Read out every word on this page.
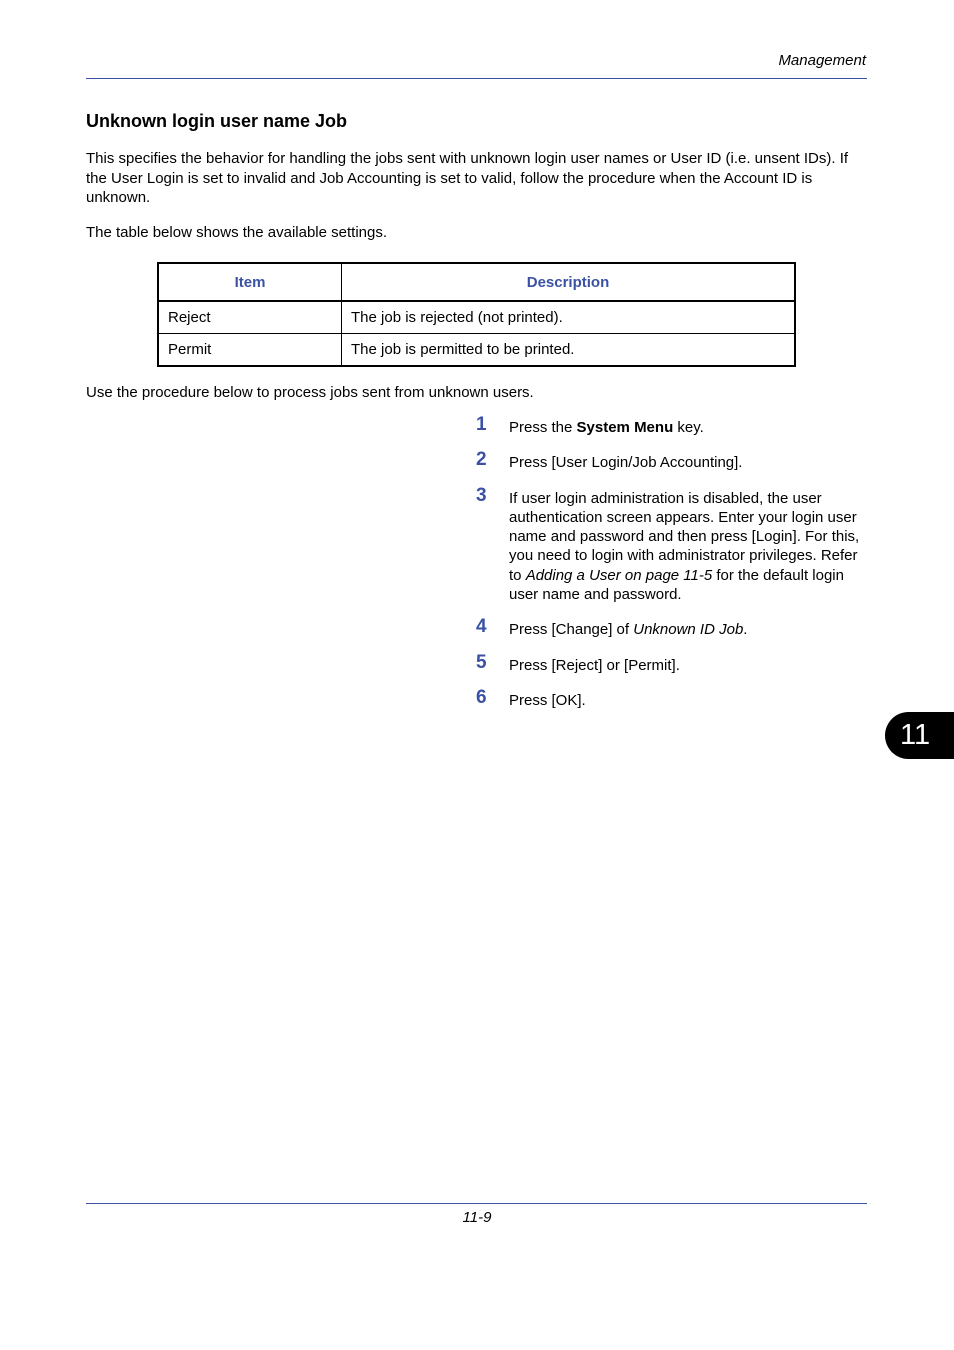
Management
Unknown login user name Job
This specifies the behavior for handling the jobs sent with unknown login user names or User ID (i.e. unsent IDs). If the User Login is set to invalid and Job Accounting is set to valid, follow the procedure when the Account ID is unknown.
The table below shows the available settings.
Item	Description
Reject	The job is rejected (not printed).
Permit	The job is permitted to be printed.
Use the procedure below to process jobs sent from unknown users.
1 Press the System Menu key.
2 Press [User Login/Job Accounting].
3 If user login administration is disabled, the user authentication screen appears. Enter your login user name and password and then press [Login]. For this, you need to login with administrator privileges. Refer to Adding a User on page 11-5 for the default login user name and password.
4 Press [Change] of Unknown ID Job.
5 Press [Reject] or [Permit].
6 Press [OK].
11
11-9
